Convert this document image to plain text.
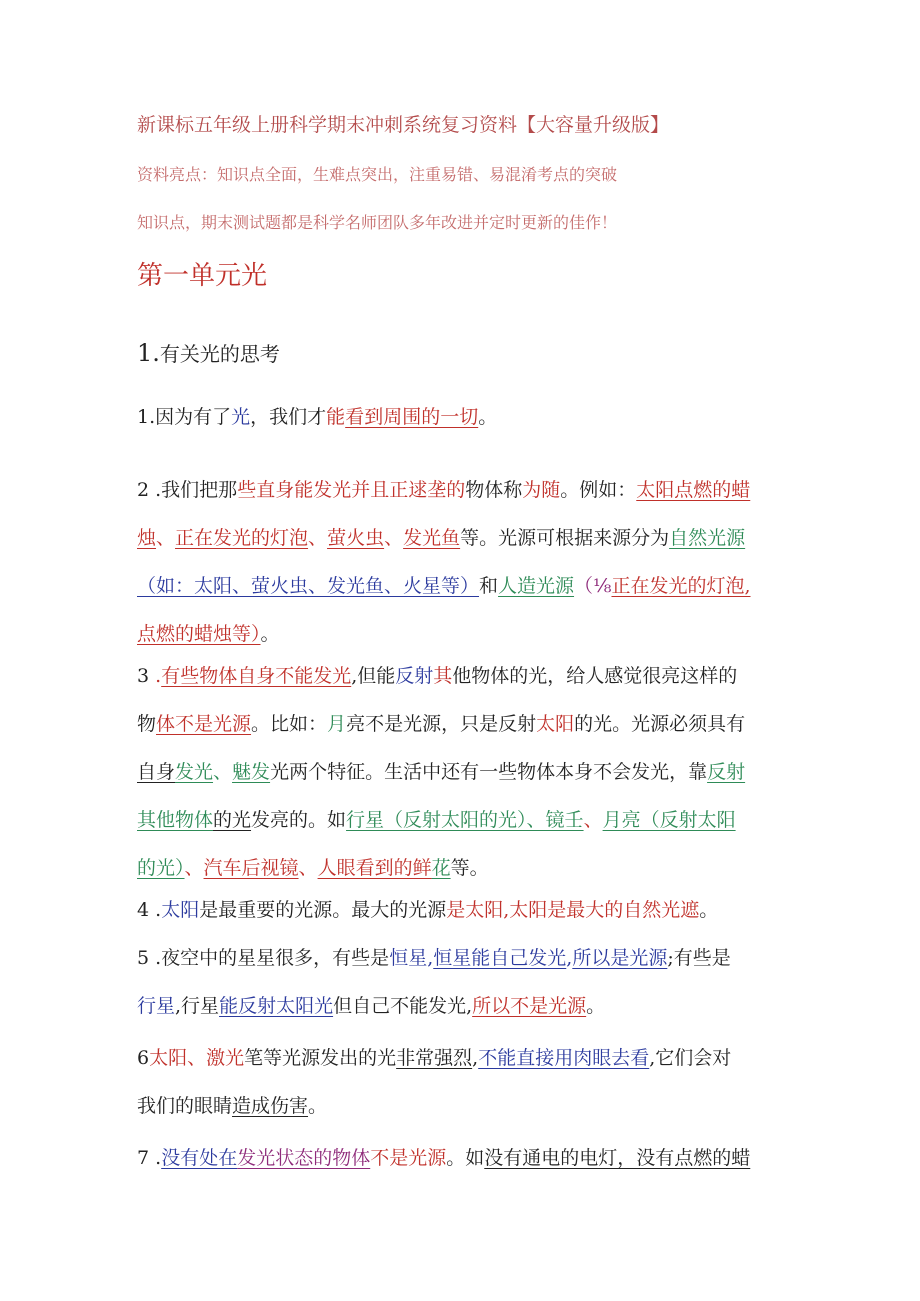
新课标五年级上册科学期末冲刺系统复习资料【大容量升级版】
资料亮点：知识点全面，生难点突出，注重易错、易混淆考点的突破
知识点，期末测试题都是科学名师团队多年改进并定时更新的佳作！
第一单元光
1.有关光的思考
1.因为有了光，我们才能看到周围的一切。
2 .我们把那些直身能发光并且正逑垄的物体称为随。例如：太阳点燃的蜡
烛、正在发光的灯泡、萤火虫、发光鱼等。光源可根据来源分为自然光源
（如：太阳、萤火虫、发光鱼、火星等）和人造光源（⅛正在发光的灯泡,
点燃的蜡烛等）。
3 .有些物体自身不能发光,但能反射其他物体的光，给人感觉很亮这样的
物体不是光源。比如：月亮不是光源，只是反射太阳的光。光源必须具有
自身发光、魅发光两个特征。生活中还有一些物体本身不会发光，靠反射
其他物体的光发亮的。如行星（反射太阳的光）、镜壬、月亮（反射太阳
的光）、汽车后视镜、人眼看到的鲜花等。
4 .太阳是最重要的光源。最大的光源是太阳,太阳是最大的自然光遮。
5 .夜空中的星星很多，有些是恒星,恒星能自己发光,所以是光源;有些是
行星,行星能反射太阳光但自己不能发光,所以不是光源。
6太阳、激光笔等光源发出的光非常强烈,不能直接用肉眼去看,它们会对
我们的眼睛造成伤害。
7 .没有处在发光状态的物体不是光源。如没有通电的电灯，没有点燃的蜡
